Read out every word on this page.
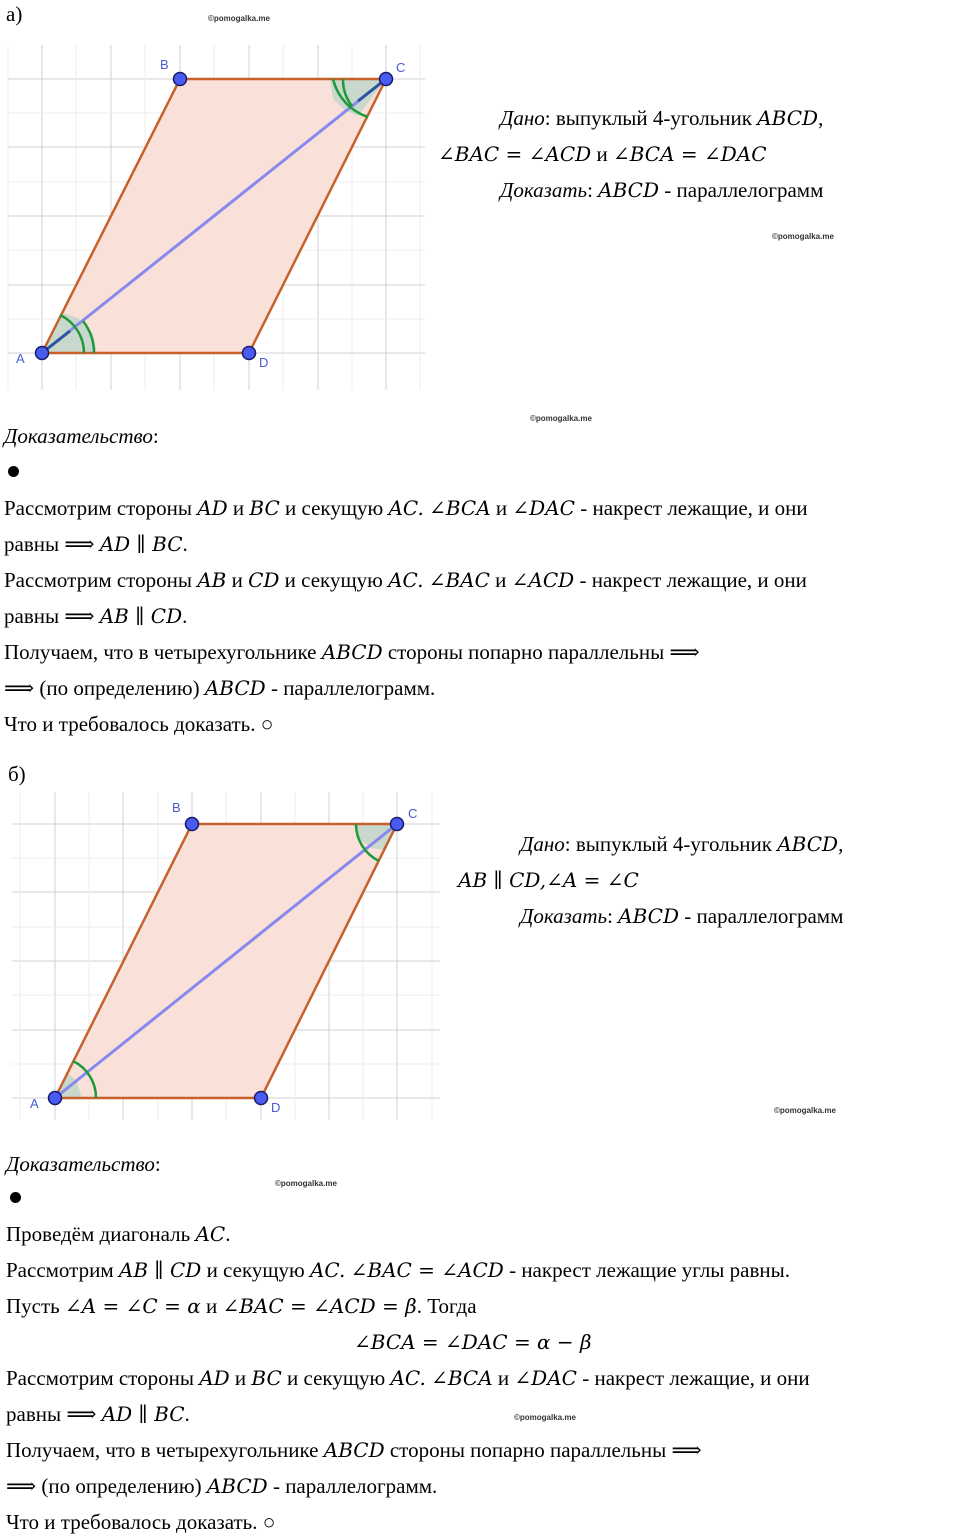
а)	©pomogalka.me
A
B	C
D
Дано: выпуклый 4-угольник ABCD,
∠BAC = ∠ACD и ∠BCA = ∠DAC
Доказать: ABCD - параллелограмм
©pomogalka.me
©pomogalka.me
Доказательство:
Рассмотрим стороны AD и BC и секущую AC. ∠BCA и ∠DAC - накрест лежащие, и они
равны ⟹ AD ∥ BC.
Рассмотрим стороны AB и CD и секущую AC. ∠BAC и ∠ACD - накрест лежащие, и они
равны ⟹ AB ∥ CD.
Получаем, что в четырехугольнике ABCD стороны попарно параллельны ⟹
⟹ (по определению) ABCD - параллелограмм.
Что и требовалось доказать. ○
б)
A
B	C
D
Дано: выпуклый 4-угольник ABCD,
AB ∥ CD,∠A = ∠C
Доказать: ABCD - параллелограмм
©pomogalka.me
Доказательство:
©pomogalka.me
Проведём диагональ AC.
Рассмотрим AB ∥ CD и секущую AC. ∠BAC = ∠ACD - накрест лежащие углы равны.
Пусть ∠A = ∠C = α и ∠BAC = ∠ACD = β. Тогда
∠BCA = ∠DAC = α − β
Рассмотрим стороны AD и BC и секущую AC. ∠BCA и ∠DAC - накрест лежащие, и они
равны ⟹ AD ∥ BC.	©pomogalka.me
Получаем, что в четырехугольнике ABCD стороны попарно параллельны ⟹
⟹ (по определению) ABCD - параллелограмм.
Что и требовалось доказать. ○
